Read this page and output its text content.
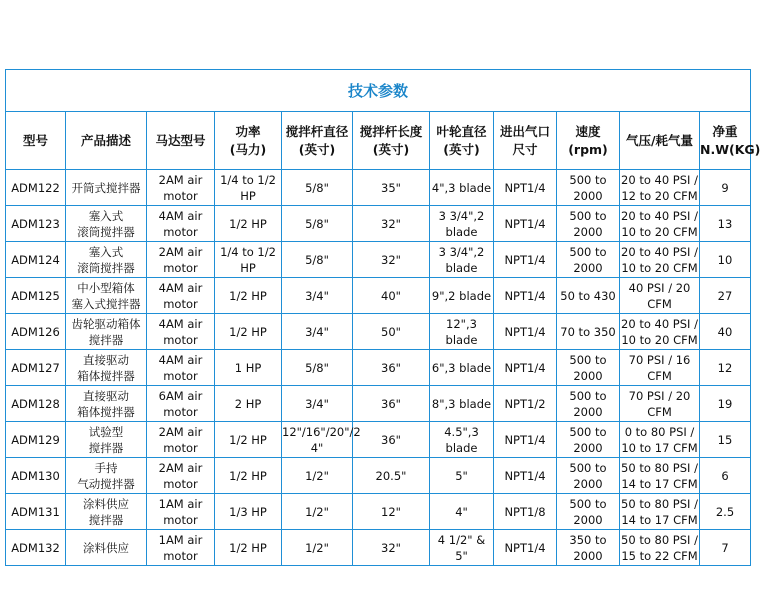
技术参数										

型号	产品描述	马达型号	功率
(马力)	搅拌杆直径
(英寸)	搅拌杆长度
(英寸)	叶轮直径
(英寸)	进出气口
尺寸	速度
(rpm)	气压/耗气量	净重
N.W(KG)

ADM122	开筒式搅拌器	2AM air
motor	1/4 to 1/2
HP	5/8"	35"	4",3 blade	NPT1/4	500 to
2000	20 to 40 PSI /
12 to 20 CFM	9

ADM123	塞入式
滚筒搅拌器	4AM air
motor	1/2 HP	5/8"	32"	3 3/4",2
blade	NPT1/4	500 to
2000	20 to 40 PSI /
10 to 20 CFM	13

ADM124	塞入式
滚筒搅拌器	2AM air
motor	1/4 to 1/2
HP	5/8"	32"	3 3/4",2
blade	NPT1/4	500 to
2000	20 to 40 PSI /
10 to 20 CFM	10

ADM125	中小型箱体
塞入式搅拌器	4AM air
motor	1/2 HP	3/4"	40"	9",2 blade	NPT1/4	50 to 430	40 PSI / 20
CFM	27

ADM126	齿轮驱动箱体
搅拌器	4AM air
motor	1/2 HP	3/4"	50"	12",3 blade	NPT1/4	70 to 350	20 to 40 PSI /
10 to 20 CFM	40

ADM127	直接驱动
箱体搅拌器	4AM air
motor	1 HP	5/8"	36"	6",3 blade	NPT1/4	500 to
2000	70 PSI / 16
CFM	12

ADM128	直接驱动
箱体搅拌器	6AM air
motor	2 HP	3/4"	36"	8",3 blade	NPT1/2	500 to
2000	70 PSI / 20
CFM	19

ADM129	试验型
搅拌器	2AM air
motor	1/2 HP	12"/16"/20"/2
4"	36"	4.5",3
blade	NPT1/4	500 to
2000	0 to 80 PSI /
10 to 17 CFM	15

ADM130	手持
气动搅拌器	2AM air
motor	1/2 HP	1/2"	20.5"	5"	NPT1/4	500 to
2000	50 to 80 PSI /
14 to 17 CFM	6

ADM131	涂料供应
搅拌器	1AM air
motor	1/3 HP	1/2"	12"	4"	NPT1/8	500 to
2000	50 to 80 PSI /
14 to 17 CFM	2.5

ADM132	涂料供应	1AM air
motor	1/2 HP	1/2"	32"	4 1/2" & 5"	NPT1/4	350 to
2000	50 to 80 PSI /
15 to 22 CFM	7
